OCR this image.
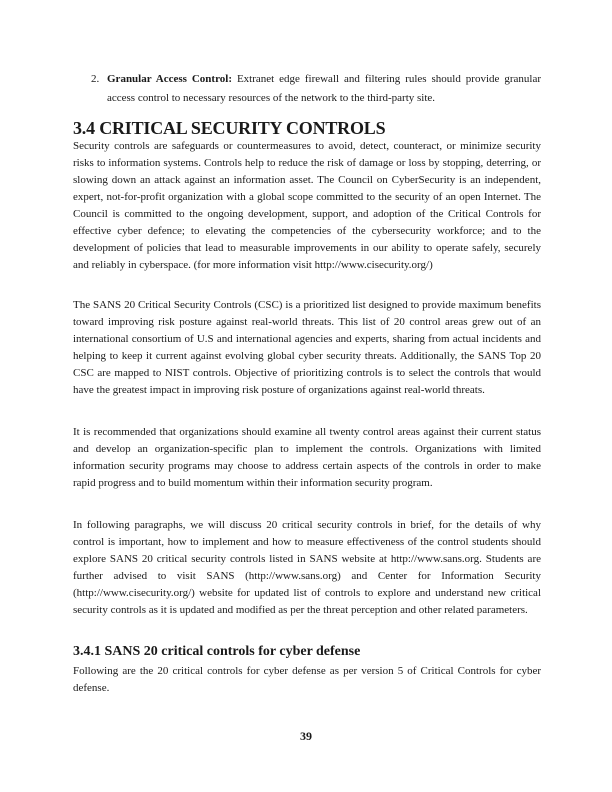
2. Granular Access Control: Extranet edge firewall and filtering rules should provide granular access control to necessary resources of the network to the third-party site.
3.4 CRITICAL SECURITY CONTROLS

Security controls are safeguards or countermeasures to avoid, detect, counteract, or minimize security risks to information systems. Controls help to reduce the risk of damage or loss by stopping, deterring, or slowing down an attack against an information asset. The Council on CyberSecurity is an independent, expert, not-for-profit organization with a global scope committed to the security of an open Internet. The Council is committed to the ongoing development, support, and adoption of the Critical Controls for effective cyber defence; to elevating the competencies of the cybersecurity workforce; and to the development of policies that lead to measurable improvements in our ability to operate safely, securely and reliably in cyberspace. (for more information visit http://www.cisecurity.org/)

The SANS 20 Critical Security Controls (CSC) is a prioritized list designed to provide maximum benefits toward improving risk posture against real-world threats. This list of 20 control areas grew out of an international consortium of U.S and international agencies and experts, sharing from actual incidents and helping to keep it current against evolving global cyber security threats. Additionally, the SANS Top 20 CSC are mapped to NIST controls. Objective of prioritizing controls is to select the controls that would have the greatest impact in improving risk posture of organizations against real-world threats.

It is recommended that organizations should examine all twenty control areas against their current status and develop an organization-specific plan to implement the controls. Organizations with limited information security programs may choose to address certain aspects of the controls in order to make rapid progress and to build momentum within their information security program.

In following paragraphs, we will discuss 20 critical security controls in brief, for the details of why control is important, how to implement and how to measure effectiveness of the control students should explore SANS 20 critical security controls listed in SANS website at http://www.sans.org. Students are further advised to visit SANS (http://www.sans.org) and Center for Information Security (http://www.cisecurity.org/) website for updated list of controls to explore and understand new critical security controls as it is updated and modified as per the threat perception and other related parameters.

3.4.1 SANS 20 critical controls for cyber defense

Following are the 20 critical controls for cyber defense as per version 5 of Critical Controls for cyber defense.

39
